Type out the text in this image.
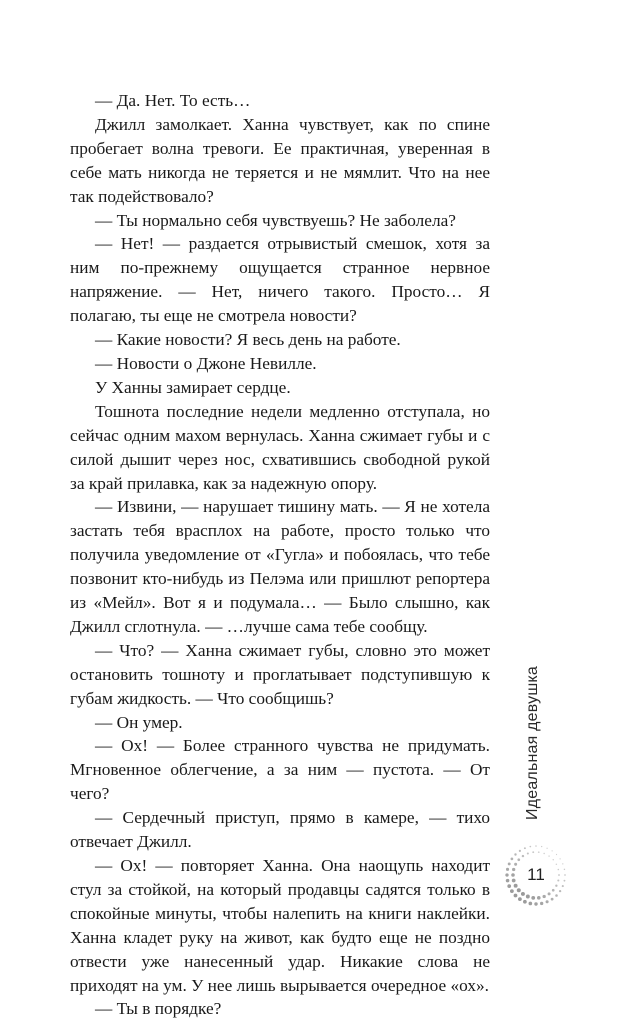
— Да. Нет. То есть…

Джилл замолкает. Ханна чувствует, как по спине пробегает волна тревоги. Ее практичная, уверенная в себе мать никогда не теряется и не мямлит. Что на нее так подействовало?

— Ты нормально себя чувствуешь? Не заболела?

— Нет! — раздается отрывистый смешок, хотя за ним по-прежнему ощущается странное нервное напряжение. — Нет, ничего такого. Просто… Я полагаю, ты еще не смотрела новости?

— Какие новости? Я весь день на работе.

— Новости о Джоне Невилле.

У Ханны замирает сердце.

Тошнота последние недели медленно отступала, но сейчас одним махом вернулась. Ханна сжимает губы и с силой дышит через нос, схватившись свободной рукой за край прилавка, как за надежную опору.

— Извини, — нарушает тишину мать. — Я не хотела застать тебя врасплох на работе, просто только что получила уведомление от «Гугла» и побоялась, что тебе позвонит кто-нибудь из Пелэма или пришлют репортера из «Мейл». Вот я и подумала… — Было слышно, как Джилл сглотнула. — …лучше сама тебе сообщу.

— Что? — Ханна сжимает губы, словно это может остановить тошноту и проглатывает подступившую к губам жидкость. — Что сообщишь?

— Он умер.

— Ох! — Более странного чувства не придумать. Мгновенное облегчение, а за ним — пустота. — От чего?

— Сердечный приступ, прямо в камере, — тихо отвечает Джилл.

— Ох! — повторяет Ханна. Она наощупь находит стул за стойкой, на который продавцы садятся только в спокойные минуты, чтобы налепить на книги наклейки. Ханна кладет руку на живот, как будто еще не поздно отвести уже нанесенный удар. Никакие слова не приходят на ум. У нее лишь вырывается очередное «ох».

— Ты в порядке?

Идеальная девушка
11
